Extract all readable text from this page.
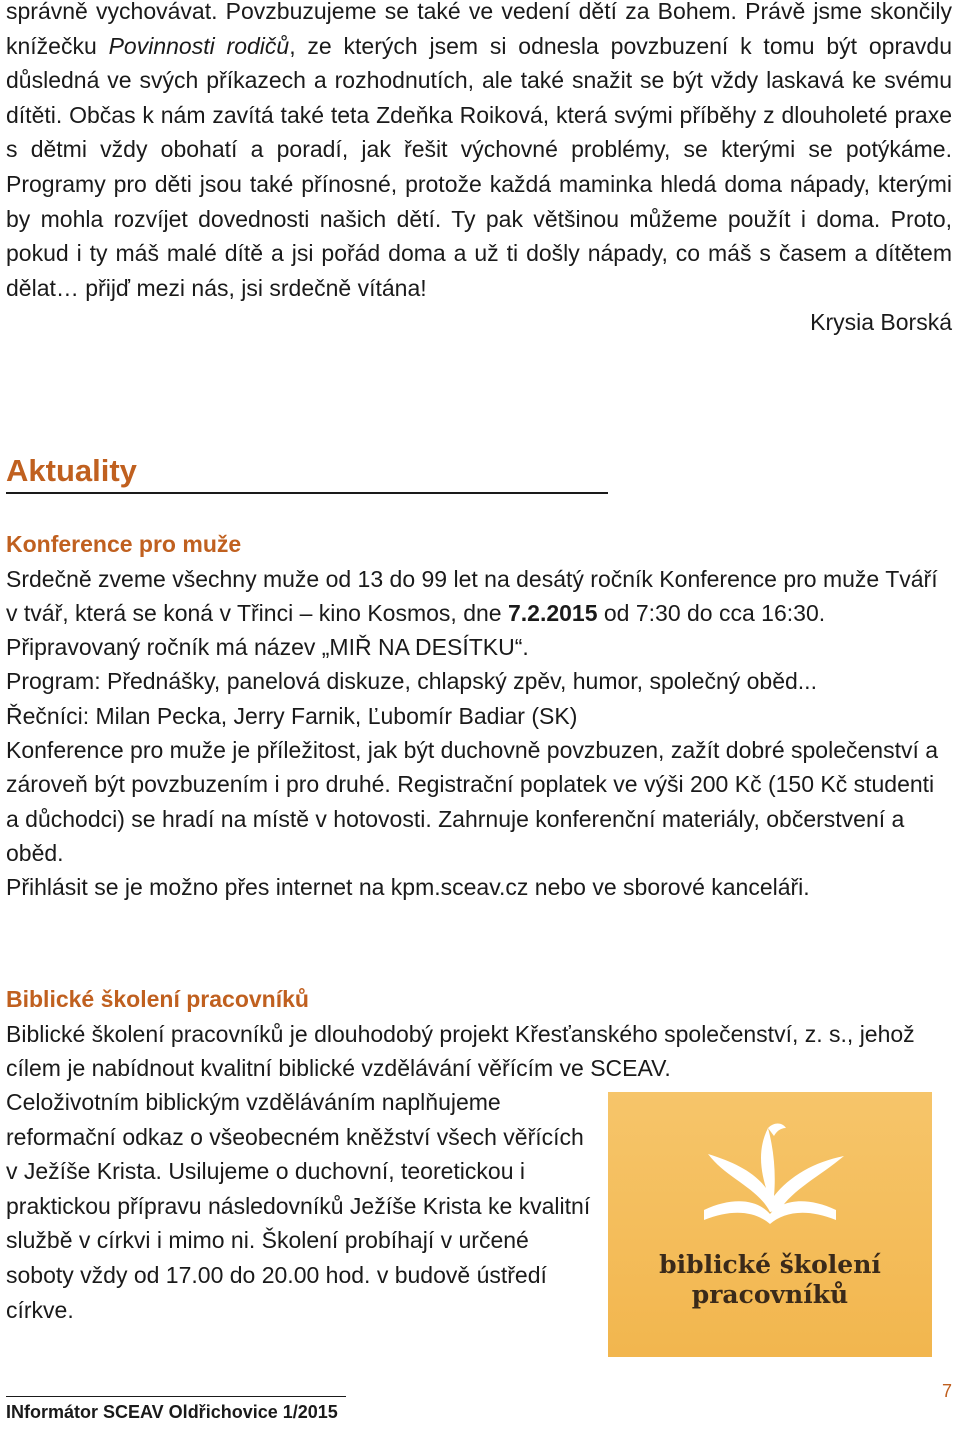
správně vychovávat. Povzbuzujeme se také ve vedení dětí za Bohem. Právě jsme skončily knížečku Povinnosti rodičů, ze kterých jsem si odnesla povzbuzení k tomu být opravdu důsledná ve svých příkazech a rozhodnutích, ale také snažit se být vždy laskavá ke svému dítěti. Občas k nám zavítá také teta Zdeňka Roiková, která svými příběhy z dlouholeté praxe s dětmi vždy obohatí a poradí, jak řešit výchovné problémy, se kterými se potýkáme. Programy pro děti jsou také přínosné, protože každá maminka hledá doma nápady, kterými by mohla rozvíjet dovednosti našich dětí. Ty pak většinou můžeme použít i doma. Proto, pokud i ty máš malé dítě a jsi pořád doma a už ti došly nápady, co máš s časem a dítětem dělat… přijď mezi nás, jsi srdečně vítána!

Krysia Borská

Aktuality
Konference pro muže

Srdečně zveme všechny muže od 13 do 99 let na desátý ročník Konference pro muže Tváří v tvář, která se koná v Třinci – kino Kosmos, dne 7.2.2015 od 7:30 do cca 16:30.

Připravovaný ročník má název „MIŘ NA DESÍTKU“.

Program: Přednášky, panelová diskuze, chlapský zpěv, humor, společný oběd...

Řečníci: Milan Pecka, Jerry Farnik, Ľubomír Badiar (SK)

Konference pro muže je příležitost, jak být duchovně povzbuzen, zažít dobré společenství a zároveň být povzbuzením i pro druhé. Registrační poplatek ve výši 200 Kč (150 Kč studenti a důchodci) se hradí na místě v hotovosti. Zahrnuje konferenční materiály, občerstvení a oběd.

Přihlásit se je možno přes internet na kpm.sceav.cz nebo ve sborové kanceláři.

Biblické školení pracovníků

Biblické školení pracovníků je dlouhodobý projekt Křesťanského společenství, z. s., jehož cílem je nabídnout kvalitní biblické vzdělávání věřícím ve SCEAV.

Celoživotním biblickým vzděláváním naplňujeme reformační odkaz o všeobecném kněžství všech věřících v Ježíše Krista. Usilujeme o duchovní, teoretickou i praktickou přípravu následovníků Ježíše Krista ke kvalitní službě v církvi i mimo ni. Školení probíhají v určené soboty vždy od 17.00 do 20.00 hod. v budově ústředí církve.

biblické školení
pracovníků

INformátor SCEAV Oldřichovice 1/2015

7
